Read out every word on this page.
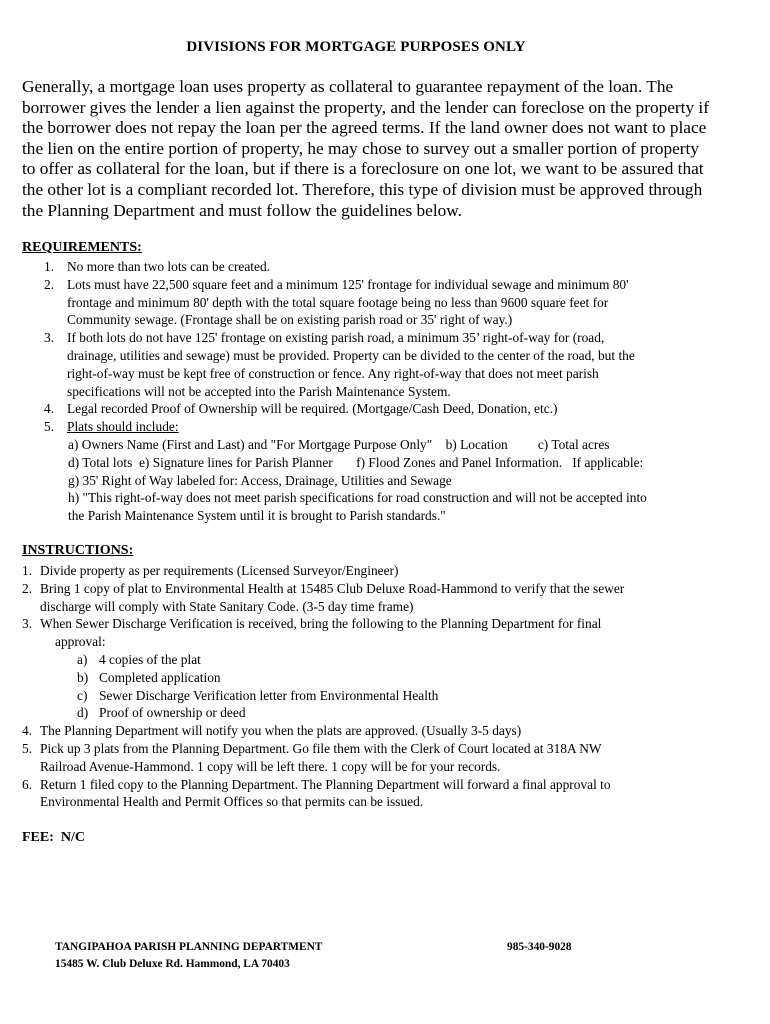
DIVISIONS FOR MORTGAGE PURPOSES ONLY
Generally, a mortgage loan uses property as collateral to guarantee repayment of the loan. The
borrower gives the lender a lien against the property, and the lender can foreclose on the property if
the borrower does not repay the loan per the agreed terms. If the land owner does not want to place
the lien on the entire portion of property, he may chose to survey out a smaller portion of property
to offer as collateral for the loan, but if there is a foreclosure on one lot, we want to be assured that
the other lot is a compliant recorded lot. Therefore, this type of division must be approved through
the Planning Department and must follow the guidelines below.
REQUIREMENTS:
1. No more than two lots can be created.
2. Lots must have 22,500 square feet and a minimum 125' frontage for individual sewage and minimum 80'
frontage and minimum 80' depth with the total square footage being no less than 9600 square feet for
Community sewage. (Frontage shall be on existing parish road or 35' right of way.)
3. If both lots do not have 125' frontage on existing parish road, a minimum 35’ right-of-way for (road,
drainage, utilities and sewage) must be provided. Property can be divided to the center of the road, but the
right-of-way must be kept free of construction or fence. Any right-of-way that does not meet parish
specifications will not be accepted into the Parish Maintenance System.
4. Legal recorded Proof of Ownership will be required. (Mortgage/Cash Deed, Donation, etc.)
5. Plats should include:
a) Owners Name (First and Last) and "For Mortgage Purpose Only"    b) Location         c) Total acres
d) Total lots  e) Signature lines for Parish Planner       f) Flood Zones and Panel Information.   If applicable:
g) 35' Right of Way labeled for: Access, Drainage, Utilities and Sewage
h) "This right-of-way does not meet parish specifications for road construction and will not be accepted into
the Parish Maintenance System until it is brought to Parish standards."
INSTRUCTIONS:
1. Divide property as per requirements (Licensed Surveyor/Engineer)
2. Bring 1 copy of plat to Environmental Health at 15485 Club Deluxe Road-Hammond to verify that the sewer
discharge will comply with State Sanitary Code. (3-5 day time frame)
3. When Sewer Discharge Verification is received, bring the following to the Planning Department for final
approval:
a) 4 copies of the plat
b) Completed application
c) Sewer Discharge Verification letter from Environmental Health
d) Proof of ownership or deed
4. The Planning Department will notify you when the plats are approved. (Usually 3-5 days)
5. Pick up 3 plats from the Planning Department. Go file them with the Clerk of Court located at 318A NW
Railroad Avenue-Hammond. 1 copy will be left there. 1 copy will be for your records.
6. Return 1 filed copy to the Planning Department. The Planning Department will forward a final approval to
Environmental Health and Permit Offices so that permits can be issued.
FEE:  N/C
TANGIPAHOA PARISH PLANNING DEPARTMENT
15485 W. Club Deluxe Rd. Hammond, LA 70403
985-340-9028
